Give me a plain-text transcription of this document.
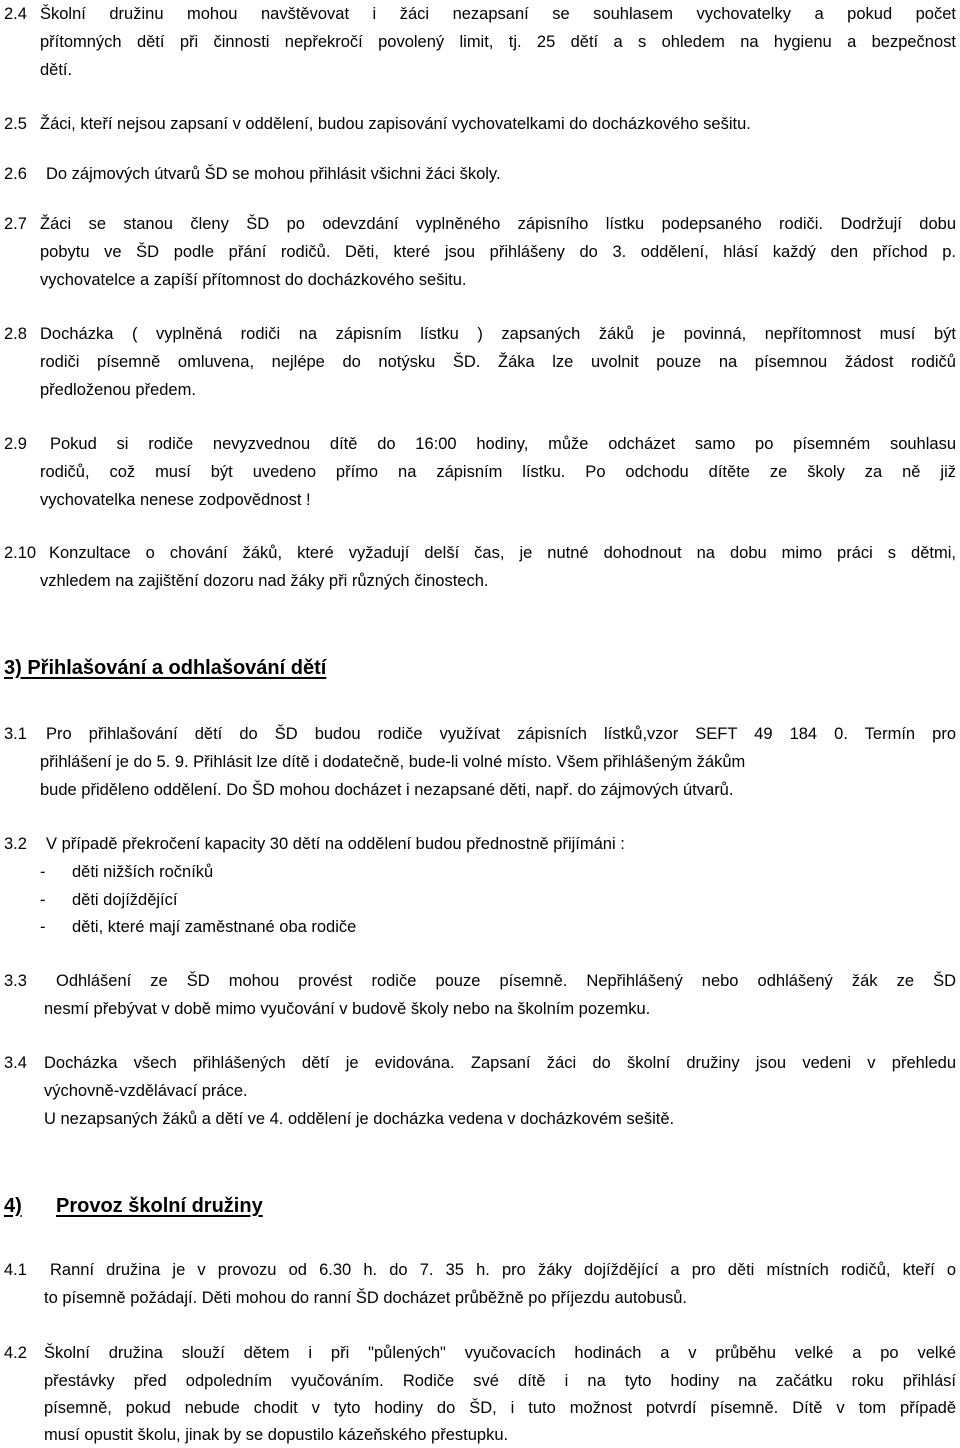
2.4 Školní družinu mohou navštěvovat i žáci nezapsaní se souhlasem vychovatelky a pokud počet
přítomných dětí při činnosti nepřekročí povolený limit, tj. 25 dětí a s ohledem na hygienu a bezpečnost
dětí.
2.5 Žáci, kteří nejsou zapsaní v oddělení, budou zapisování vychovatelkami do docházkového sešitu.
2.6 Do zájmových útvarů ŠD se mohou přihlásit všichni žáci školy.
2.7 Žáci se stanou členy ŠD po odevzdání vyplněného zápisního lístku podepsaného rodiči. Dodržují dobu
pobytu ve ŠD podle přání rodičů. Děti, které jsou přihlášeny do 3. oddělení, hlásí každý den příchod p.
vychovatelce a zapíší přítomnost do docházkového sešitu.
2.8 Docházka ( vyplněná rodiči na zápisním lístku ) zapsaných žáků je povinná, nepřítomnost musí být
rodiči písemně omluvena, nejlépe do notýsku ŠD. Žáka lze uvolnit pouze na písemnou žádost rodičů
předloženou předem.
2.9 Pokud si rodiče nevyzvednou dítě do 16:00 hodiny, může odcházet samo po písemném souhlasu
rodičů, což musí být uvedeno přímo na zápisním lístku. Po odchodu dítěte ze školy za ně již
vychovatelka nenese zodpovědnost !
2.10 Konzultace o chování žáků, které vyžadují delší čas, je nutné dohodnout na dobu mimo práci s dětmi,
vzhledem na zajištění dozoru nad žáky při různých činostech.
3) Přihlašování a odhlašování dětí
3.1 Pro přihlašování dětí do ŠD budou rodiče využívat zápisních lístků,vzor SEFT 49 184 0. Termín pro
přihlášení je do 5. 9. Přihlásit lze dítě i dodatečně, bude-li volné místo. Všem přihlášeným žákům
bude přiděleno oddělení. Do ŠD mohou docházet i nezapsané děti, např. do zájmových útvarů.
3.2 V případě překročení kapacity 30 dětí na oddělení budou přednostně přijímáni :
- děti nižších ročníků
- děti dojíždějící
- děti, které mají zaměstnané oba rodiče
3.3 Odhlášení ze ŠD mohou provést rodiče pouze písemně. Nepřihlášený nebo odhlášený žák ze ŠD
nesmí přebývat v době mimo vyučování v budově školy nebo na školním pozemku.
3.4 Docházka všech přihlášených dětí je evidována. Zapsaní žáci do školní družiny jsou vedeni v přehledu
výchovně-vzdělávací práce.
U nezapsaných žáků a dětí ve 4. oddělení je docházka vedena v docházkovém sešitě.
4) Provoz školní družiny
4.1 Ranní družina je v provozu od 6.30 h. do 7. 35 h. pro žáky dojíždějící a pro děti místních rodičů, kteří o
to písemně požádají. Děti mohou do ranní ŠD docházet průběžně po příjezdu autobusů.
4.2 Školní družina slouží dětem i při "půlených" vyučovacích hodinách a v průběhu velké a po velké
přestávky před odpoledním vyučováním. Rodiče své dítě i na tyto hodiny na začátku roku přihlásí
písemně, pokud nebude chodit v tyto hodiny do ŠD, i tuto možnost potvrdí písemně. Dítě v tom případě
musí opustit školu, jinak by se dopustilo kázeňského přestupku.
